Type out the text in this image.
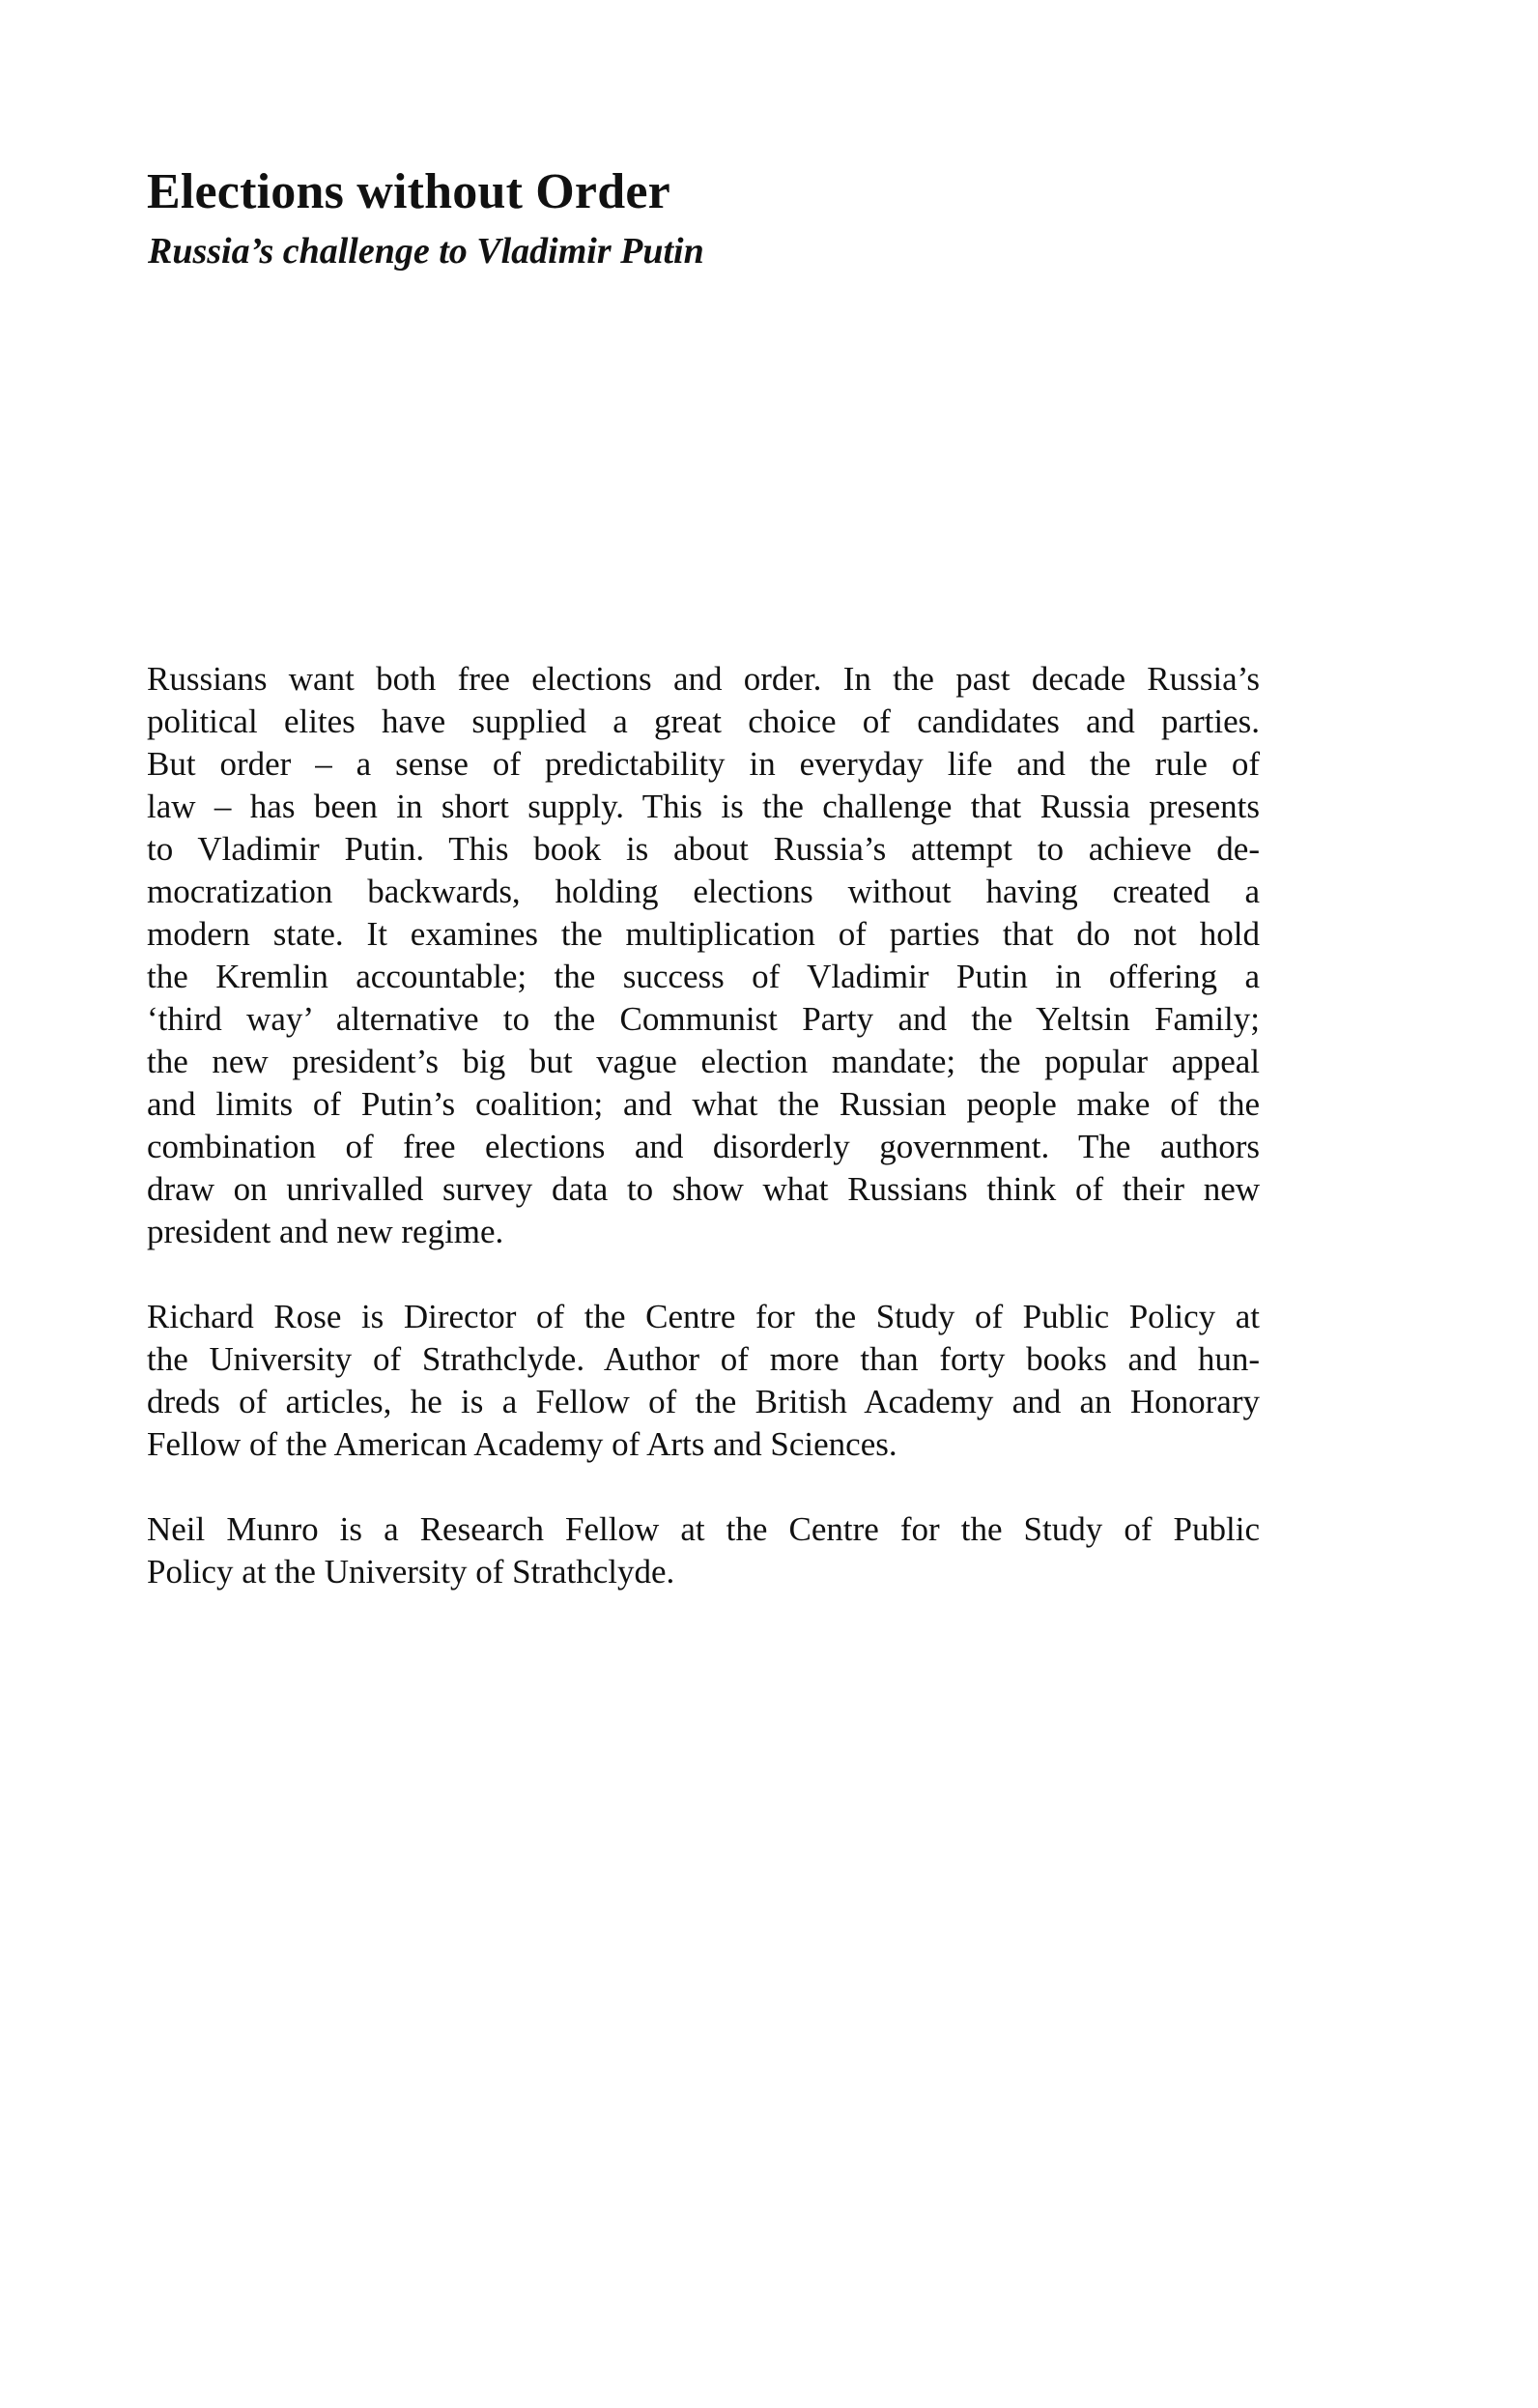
Elections without Order
Russia’s challenge to Vladimir Putin
Russians want both free elections and order. In the past decade Russia’s
political elites have supplied a great choice of candidates and parties.
But order – a sense of predictability in everyday life and the rule of
law – has been in short supply. This is the challenge that Russia presents
to Vladimir Putin. This book is about Russia’s attempt to achieve de-
mocratization backwards, holding elections without having created a
modern state. It examines the multiplication of parties that do not hold
the Kremlin accountable; the success of Vladimir Putin in offering a
‘third way’ alternative to the Communist Party and the Yeltsin Family;
the new president’s big but vague election mandate; the popular appeal
and limits of Putin’s coalition; and what the Russian people make of the
combination of free elections and disorderly government. The authors
draw on unrivalled survey data to show what Russians think of their new
president and new regime.
Richard Rose is Director of the Centre for the Study of Public Policy at
the University of Strathclyde. Author of more than forty books and hun-
dreds of articles, he is a Fellow of the British Academy and an Honorary
Fellow of the American Academy of Arts and Sciences.
Neil Munro is a Research Fellow at the Centre for the Study of Public
Policy at the University of Strathclyde.
